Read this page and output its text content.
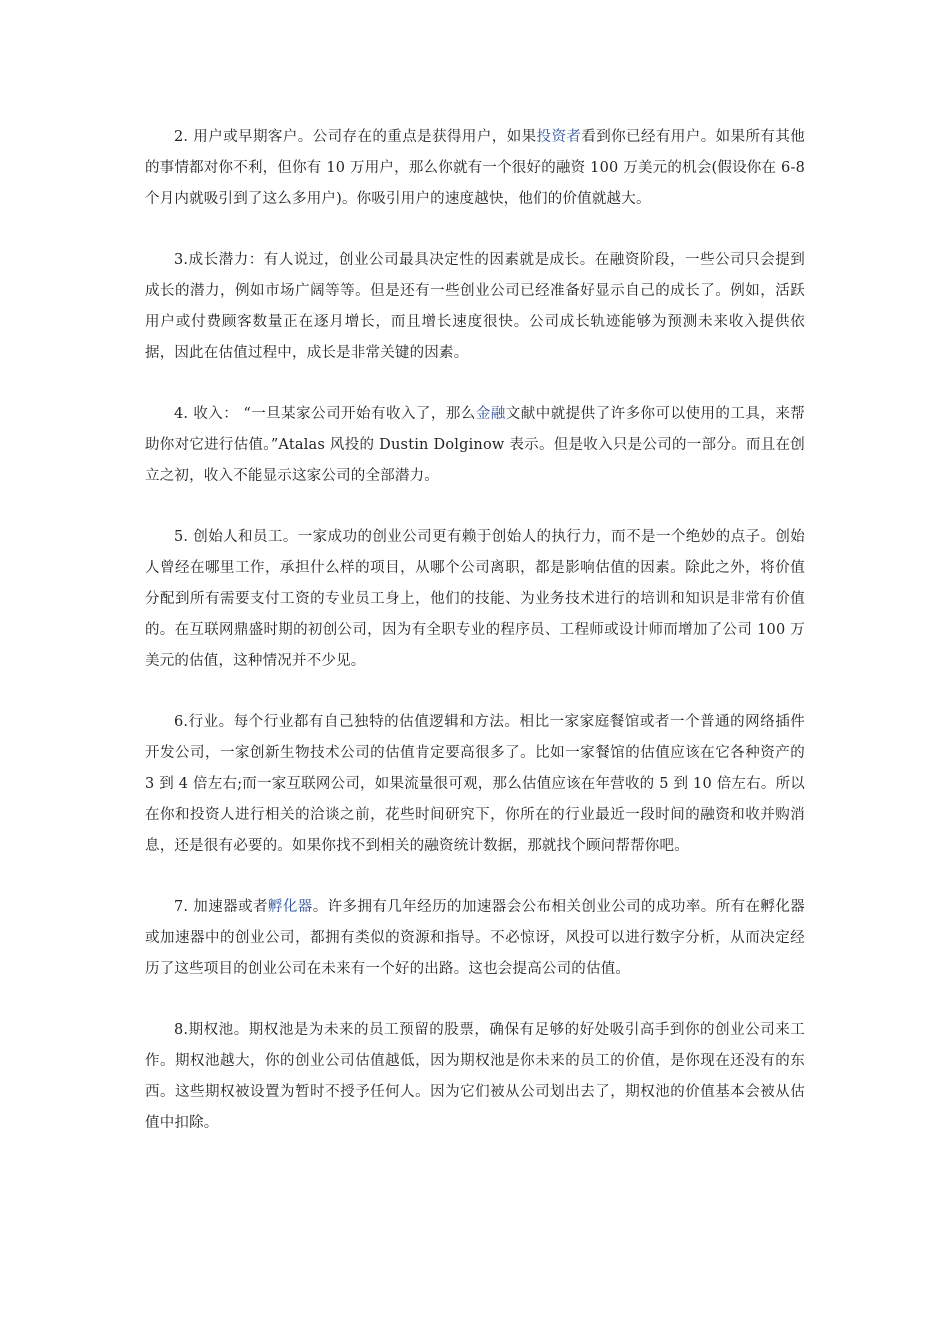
2. 用户或早期客户。公司存在的重点是获得用户，如果投资者看到你已经有用户。如果所有其他的事情都对你不利，但你有 10 万用户，那么你就有一个很好的融资 100 万美元的机会(假设你在 6-8 个月内就吸引到了这么多用户)。你吸引用户的速度越快，他们的价值就越大。

3.成长潜力：有人说过，创业公司最具决定性的因素就是成长。在融资阶段，一些公司只会提到成长的潜力，例如市场广阔等等。但是还有一些创业公司已经准备好显示自己的成长了。例如，活跃用户或付费顾客数量正在逐月增长，而且增长速度很快。公司成长轨迹能够为预测未来收入提供依据，因此在估值过程中，成长是非常关键的因素。

4. 收入： “一旦某家公司开始有收入了，那么金融文献中就提供了许多你可以使用的工具，来帮助你对它进行估值。”Atalas 风投的 Dustin Dolginow 表示。但是收入只是公司的一部分。而且在创立之初，收入不能显示这家公司的全部潜力。

5. 创始人和员工。一家成功的创业公司更有赖于创始人的执行力，而不是一个绝妙的点子。创始人曾经在哪里工作，承担什么样的项目，从哪个公司离职，都是影响估值的因素。除此之外，将价值分配到所有需要支付工资的专业员工身上，他们的技能、为业务技术进行的培训和知识是非常有价值的。在互联网鼎盛时期的初创公司，因为有全职专业的程序员、工程师或设计师而增加了公司 100 万美元的估值，这种情况并不少见。

6.行业。每个行业都有自己独特的估值逻辑和方法。相比一家家庭餐馆或者一个普通的网络插件开发公司，一家创新生物技术公司的估值肯定要高很多了。比如一家餐馆的估值应该在它各种资产的 3 到 4 倍左右;而一家互联网公司，如果流量很可观，那么估值应该在年营收的 5 到 10 倍左右。所以在你和投资人进行相关的洽谈之前，花些时间研究下，你所在的行业最近一段时间的融资和收并购消息，还是很有必要的。如果你找不到相关的融资统计数据，那就找个顾问帮帮你吧。

7. 加速器或者孵化器。许多拥有几年经历的加速器会公布相关创业公司的成功率。所有在孵化器或加速器中的创业公司，都拥有类似的资源和指导。不必惊讶，风投可以进行数字分析，从而决定经历了这些项目的创业公司在未来有一个好的出路。这也会提高公司的估值。

8.期权池。期权池是为未来的员工预留的股票，确保有足够的好处吸引高手到你的创业公司来工作。期权池越大，你的创业公司估值越低，因为期权池是你未来的员工的价值，是你现在还没有的东西。这些期权被设置为暂时不授予任何人。因为它们被从公司划出去了，期权池的价值基本会被从估值中扣除。
